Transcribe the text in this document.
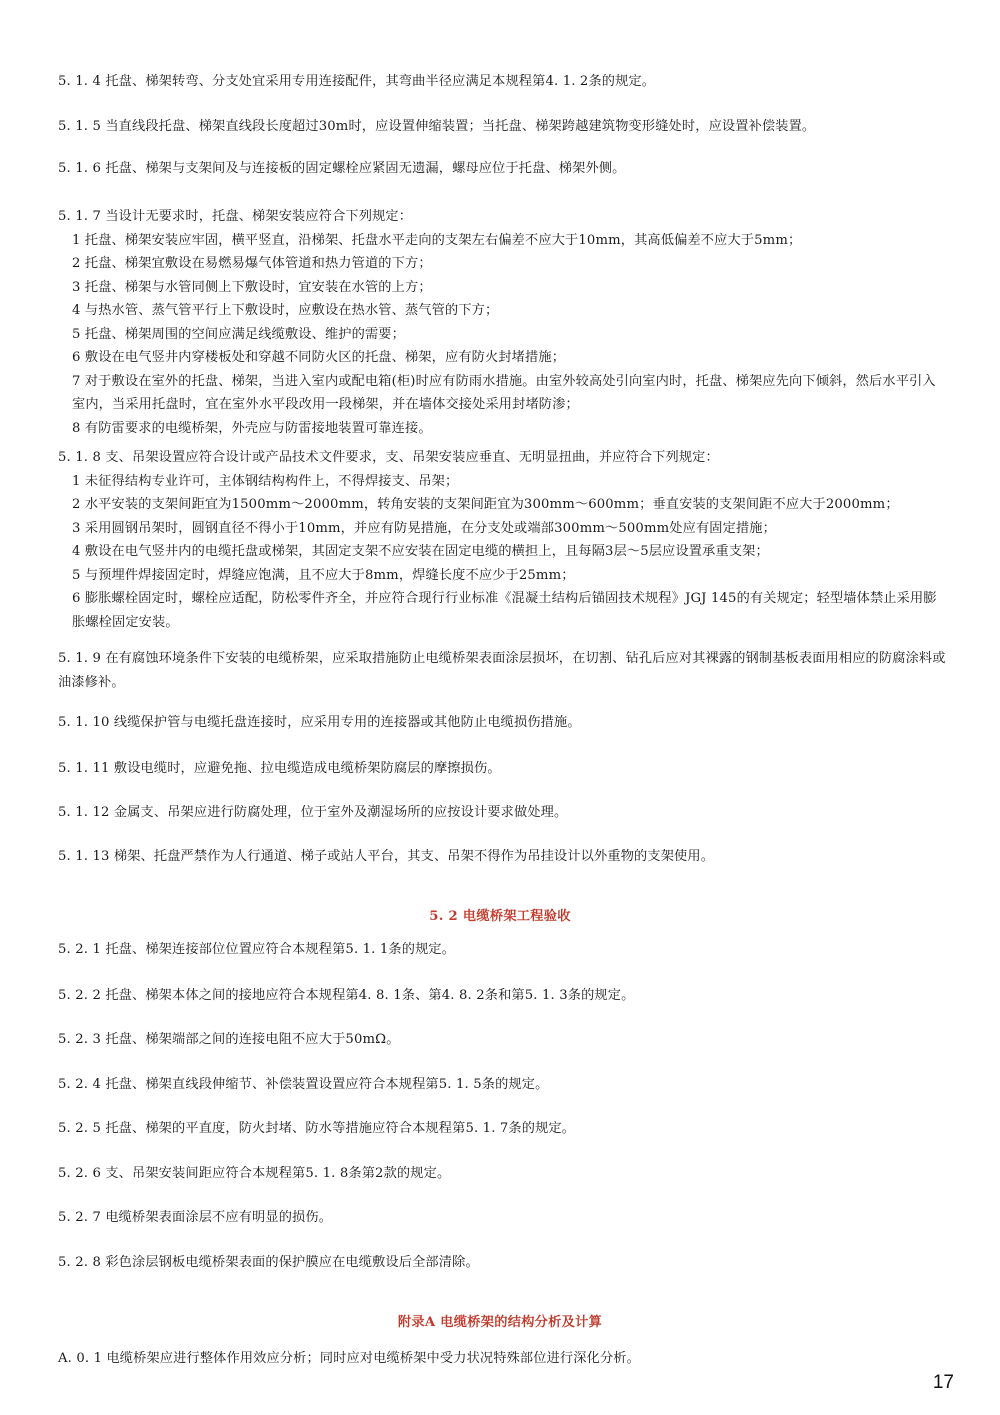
5. 1. 4 托盘、梯架转弯、分支处宜采用专用连接配件，其弯曲半径应满足本规程第4. 1. 2条的规定。
5. 1. 5 当直线段托盘、梯架直线段长度超过30m时，应设置伸缩装置；当托盘、梯架跨越建筑物变形缝处时，应设置补偿装置。
5. 1. 6 托盘、梯架与支架间及与连接板的固定螺栓应紧固无遗漏，螺母应位于托盘、梯架外侧。
5. 1. 7 当设计无要求时，托盘、梯架安装应符合下列规定：
1 托盘、梯架安装应牢固，横平竖直，沿梯架、托盘水平走向的支架左右偏差不应大于10mm，其高低偏差不应大于5mm；
2 托盘、梯架宜敷设在易燃易爆气体管道和热力管道的下方；
3 托盘、梯架与水管同侧上下敷设时，宜安装在水管的上方；
4 与热水管、蒸气管平行上下敷设时，应敷设在热水管、蒸气管的下方；
5 托盘、梯架周围的空间应满足线缆敷设、维护的需要；
6 敷设在电气竖井内穿楼板处和穿越不同防火区的托盘、梯架，应有防火封堵措施；
7 对于敷设在室外的托盘、梯架，当进入室内或配电箱(柜)时应有防雨水措施。由室外较高处引向室内时，托盘、梯架应先向下倾斜，然后水平引入室内，当采用托盘时，宜在室外水平段改用一段梯架，并在墙体交接处采用封堵防渗；
8 有防雷要求的电缆桥架，外壳应与防雷接地装置可靠连接。
5. 1. 8 支、吊架设置应符合设计或产品技术文件要求，支、吊架安装应垂直、无明显扭曲，并应符合下列规定：
1 未征得结构专业许可，主体钢结构构件上，不得焊接支、吊架；
2 水平安装的支架间距宜为1500mm～2000mm，转角安装的支架间距宜为300mm～600mm；垂直安装的支架间距不应大于2000mm；
3 采用圆钢吊架时，圆钢直径不得小于10mm，并应有防晃措施，在分支处或端部300mm～500mm处应有固定措施；
4 敷设在电气竖井内的电缆托盘或梯架，其固定支架不应安装在固定电缆的横担上，且每隔3层～5层应设置承重支架；
5 与预埋件焊接固定时，焊缝应饱满，且不应大于8mm，焊缝长度不应少于25mm；
6 膨胀螺栓固定时，螺栓应适配，防松零件齐全，并应符合现行行业标准《混凝土结构后锚固技术规程》JGJ 145的有关规定；轻型墙体禁止采用膨胀螺栓固定安装。
5. 1. 9 在有腐蚀环境条件下安装的电缆桥架，应采取措施防止电缆桥架表面涂层损坏，在切割、钻孔后应对其裸露的钢制基板表面用相应的防腐涂料或油漆修补。
5. 1. 10 线缆保护管与电缆托盘连接时，应采用专用的连接器或其他防止电缆损伤措施。
5. 1. 11 敷设电缆时，应避免拖、拉电缆造成电缆桥架防腐层的摩擦损伤。
5. 1. 12 金属支、吊架应进行防腐处理，位于室外及潮湿场所的应按设计要求做处理。
5. 1. 13 梯架、托盘严禁作为人行通道、梯子或站人平台，其支、吊架不得作为吊挂设计以外重物的支架使用。
5. 2 电缆桥架工程验收
5. 2. 1 托盘、梯架连接部位位置应符合本规程第5. 1. 1条的规定。
5. 2. 2 托盘、梯架本体之间的接地应符合本规程第4. 8. 1条、第4. 8. 2条和第5. 1. 3条的规定。
5. 2. 3 托盘、梯架端部之间的连接电阻不应大于50mΩ。
5. 2. 4 托盘、梯架直线段伸缩节、补偿装置设置应符合本规程第5. 1. 5条的规定。
5. 2. 5 托盘、梯架的平直度，防火封堵、防水等措施应符合本规程第5. 1. 7条的规定。
5. 2. 6 支、吊架安装间距应符合本规程第5. 1. 8条第2款的规定。
5. 2. 7 电缆桥架表面涂层不应有明显的损伤。
5. 2. 8 彩色涂层钢板电缆桥架表面的保护膜应在电缆敷设后全部清除。
附录A 电缆桥架的结构分析及计算
A. 0. 1 电缆桥架应进行整体作用效应分析；同时应对电缆桥架中受力状况特殊部位进行深化分析。
17
